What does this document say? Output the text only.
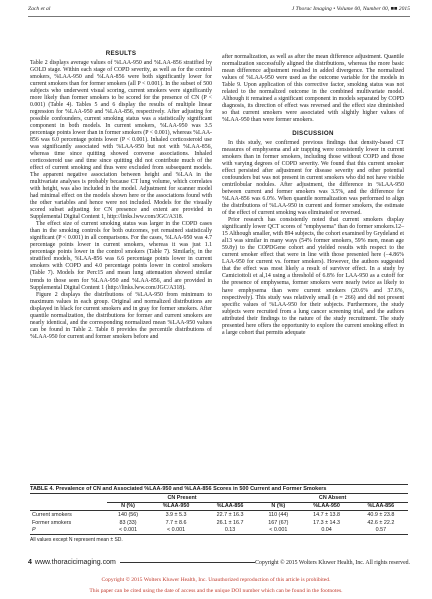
Zach et al	J Thorac Imaging • Volume 00, Number 00, ■■ 2015
RESULTS

Table 2 displays average values of %LAA-950 and %LAA-856 stratified by GOLD stage. Within each stage of COPD severity, as well as for the control smokers, %LAA-950 and %LAA-856 were both significantly lower for current smokers than for former smokers (all P < 0.001). In the subset of 500 subjects who underwent visual scoring, current smokers were significantly more likely than former smokers to be scored for the presence of CN (P < 0.001) (Table 4). Tables 5 and 6 display the results of multiple linear regression for %LAA-950 and %LAA-856, respectively. After adjusting for possible confounders, current smoking status was a statistically significant component in both models. In current smokers, %LAA-950 was 3.5 percentage points lower than in former smokers (P < 0.001), whereas %LAA-856 was 6.0 percentage points lower (P < 0.001). Inhaled corticosteroid use was significantly associated with %LAA-950 but not with %LAA-856, whereas time since quitting showed converse associations. Inhaled corticosteroid use and time since quitting did not contribute much of the effect of current smoking and thus were excluded from subsequent models. The apparent negative association between height and %LAA in the multivariate analyses is probably because CT lung volume, which correlates with height, was also included in the model. Adjustment for scanner model had minimal effect on the models shown here or the associations found with the other variables and hence were not included. Models for the visually scored subset adjusting for CN presence and extent are provided in Supplemental Digital Content 1, http://links.lww.com/JGC/A318.

The effect size of current smoking status was larger in the COPD cases than in the smoking controls for both outcomes, yet remained statistically significant (P < 0.001) in all comparisons. For the cases, %LAA-950 was 4.7 percentage points lower in current smokers, whereas it was just 1.1 percentage points lower in the control smokers (Table 7). Similarly, in the stratified models, %LAA-856 was 6.6 percentage points lower in current smokers with COPD and 4.0 percentage points lower in control smokers (Table 7). Models for Perc15 and mean lung attenuation showed similar trends to those seen for %LAA-950 and %LAA-856, and are provided in Supplemental Digital Content 1 (http://links.lww.com/JGC/A318).

Figure 2 displays the distributions of %LAA-950 from minimum to maximum values in each group. Original and normalized distributions are displayed in black for current smokers and in gray for former smokers. After quantile normalization, the distributions for former and current smokers are nearly identical, and the corresponding normalized mean %LAA-950 values can be found in Table 2. Table 8 provides the percentile distributions of %LAA-950 for current and former smokers before and

after normalization, as well as after the mean difference adjustment. Quantile normalization successfully aligned the distributions, whereas the more basic mean difference adjustment resulted in added divergence. The normalized values of %LAA-950 were used as the outcome variable for the models in Table 9. Upon application of this corrective factor, smoking status was not related to the normalized outcome in the combined multivariate model. Although it remained a significant component in models separated by COPD diagnosis, its direction of effect was reversed and the effect size diminished so that current smokers were associated with slightly higher values of %LAA-950 than were former smokers.

DISCUSSION

In this study, we confirmed previous findings that density-based CT measures of emphysema and air trapping were consistently lower in current smokers than in former smokers, including those without COPD and those with varying degrees of COPD severity. We found that this current smoker effect persisted after adjustment for disease severity and other potential confounders but was not present in current smokers who did not have visible centrilobular nodules. After adjustment, the difference in %LAA-950 between current and former smokers was 3.5%, and the difference for %LAA-856 was 6.0%. When quantile normalization was performed to align the distributions of %LAA-950 in current and former smokers, the estimate of the effect of current smoking was eliminated or reversed.

Prior research has consistently noted that current smokers display significantly lower QCT scores of "emphysema" than do former smokers.12–15 Although smaller, with 894 subjects, the cohort examined by Grydeland et al13 was similar in many ways (54% former smokers, 59% men, mean age 59.8y) to the COPDGene cohort and yielded results with respect to the current smoker effect that were in line with those presented here (−4.86% LAA-950 for current vs. former smokers). However, the authors suggested that the effect was most likely a result of survivor effect. In a study by Camiciottoli et al,14 using a threshold of 6.8% for LAA-950 as a cutoff for the presence of emphysema, former smokers were nearly twice as likely to have emphysema than were current smokers (20.6% and 37.6%, respectively). This study was relatively small (n = 266) and did not present specific values of %LAA-950 for their subjects. Furthermore, the study subjects were recruited from a lung cancer screening trial, and the authors attributed their findings to the nature of the study recruitment. The study presented here offers the opportunity to explore the current smoking effect in a large cohort that permits adequate

TABLE 4. Prevalence of CN and Associated %LAA-950 and %LAA-856 Scores in 500 Current and Former Smokers
	CN Present			CN Absent		
	N (%)	%LAA-950	%LAA-856	N (%)	%LAA-950	%LAA-856
Current smokers	140 (56)	3.9 ± 5.3	22.7 ± 16.3	110 (44)	14.7 ± 13.8	40.9 ± 23.8
Former smokers	83 (33)	7.7 ± 8.6	26.1 ± 16.7	167 (67)	17.3 ± 14.3	42.6 ± 22.2
P	< 0.001	< 0.001	0.13	< 0.001	0.04	0.57
All values except N represent mean ± SD.
4 www.thoracicimaging.com	Copyright © 2015 Wolters Kluwer Health, Inc. All rights reserved.
Copyright © 2015 Wolters Kluwer Health, Inc. Unauthorized reproduction of this article is prohibited.
This paper can be cited using the date of access and the unique DOI number which can be found in the footnotes.
